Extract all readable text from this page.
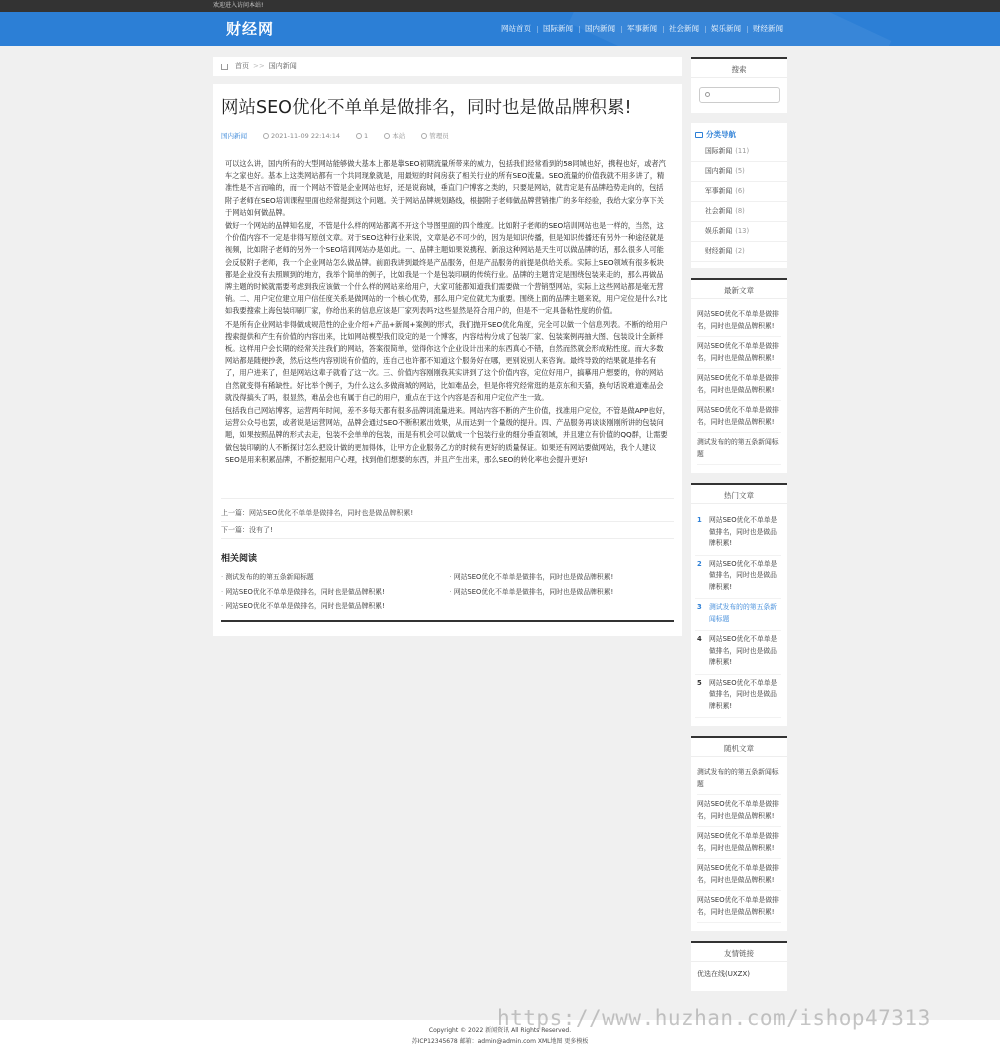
欢迎进入访问本站!
财经网	网站首页	国际新闻	国内新闻	军事新闻	社会新闻	娱乐新闻	财经新闻
首页 >> 国内新闻
网站SEO优化不单单是做排名，同时也是做品牌积累!
国内新闻	2021-11-09 22:14:14	1	本站	管理员

可以这么讲，国内所有的大型网站能够做大基本上都是靠SEO初期流量所带来的威力，包括我们经常看到的58同城也好，携程也好，或者汽车之家也好。基本上这类网站都有一个共同现象就是，用最短的时间房获了相关行业的所有SEO流量。SEO流量的价值我就不用多讲了，精准性是不言而喻的，而一个网站不管是企业网站也好，还是说商城，垂直门户博客之类的，只要是网站，就肯定是有品牌趋势走向的，包括附子老师在SEO培训课程里面也经常提到这个问题。关于网站品牌规划路线，根据附子老师做品牌营销推广的多年经验，我给大家分享下关于网站如何做品牌。

做好一个网站的品牌知名度，不管是什么样的网站都离不开这个导图里面的四个维度。比如附子老师的SEO培训网站也是一样的，当然，这个价值内容不一定是非得写原创文章。对于SEO这种行业来说，文章是必不可少的，因为是知识传播，但是知识传播还有另外一种途径就是视频，比如附子老师的另外一个SEO培训网站办是如此。一、品牌主题如果说携程、新浪这种网站是天生可以做品牌的话，那么很多人可能会反驳附子老师，我一个企业网站怎么做品牌。前面我讲到最终是产品服务，但是产品服务的前提是供给关系。实际上SEO领域有很多板块都是企业没有去照顾到的地方，我举个简单的例子，比如我是一个是包装印刷的传统行业。品牌的主题肯定是围绕包装来走的，那么再做品牌主题的时候就需要考虑到我应该做一个什么样的网站来给用户，大家可能都知道我们需要做一个营销型网站，实际上这些网站都是毫无营销。二、用户定位建立用户信任度关系是做网站的一个核心优势，那么用户定位就尤为重要。围绕上面的品牌主题来说，用户定位是什么?比如我要搜索上海包装印刷厂家，你给出来的信息应该是厂家列表吗?这些显然是符合用户的，但是不一定具备粘性度的价值。

不是所有企业网站非得做成规范性的企业介绍+产品+新闻+案例的形式，我们抛开SEO优化角度，完全可以做一个信息列表。不断的给用户搜索提供和产生有价值的内容出来，比如网站模型我们设定的是一个博客，内容结构分成了包装厂家、包装案例再抽大图、包装设计全新样板。这样用户会长期的经常关注我们的网站，答案很简单，觉得你这个企业设计出来的东西真心不错，自然而然就会形成粘性度。而大多数网站都是随便抄袭，然后这些内容别说有价值的，连自己也许都不知道这个服务好在哪，更别说别人来咨询。最终导致的结果就是排名有了，用户进来了，但是网站这辈子就看了这一次。三、价值内容刚刚我其实讲到了这个价值内容，定位好用户，搞摹用户想要的，你的网站自然就变得有稀缺性。好比举个例子，为什么这么多做商城的网站，比如难品会，但是你将究经常逛的是京东和天猫，换句话说难道难品会就没得搞头了吗，很显然，难品会也有属于自己的用户，重点在于这个内容是否和用户定位产生一致。

包括我自己网站博客，运营两年时间，差不多每天都有很多品牌词流量进来。网站内容不断的产生价值，找准用户定位，不管是做APP也好，运营公众号也罢，或者说是运营网站，品牌会通过SEO不断积累出效果，从而达到一个量级的提升。四、产品服务再谈谈刚刚所讲的包装问题，如果按照品牌的形式去走，包装不会单单的包装，而是有机会可以做成一个包装行业的细分垂直领域，并且建立有价值的QQ群，让需要做包装印刷的人不断探讨怎么把设计做的更加得体，让甲方企业服务乙方的时候有更好的质量保证。如果还有网站要做网站，我个人建议SEO是用来积累品牌，不断挖掘用户心理，找到他们想要的东西，并且产生出来，那么SEO的转化率也会提升更好!

上一篇：网站SEO优化不单单是做排名，同时也是做品牌积累!
下一篇：没有了!
相关阅读
· 测试发布的的第五条新闻标题	· 网站SEO优化不单单是做排名，同时也是做品牌积累!
· 网站SEO优化不单单是做排名，同时也是做品牌积累!	· 网站SEO优化不单单是做排名，同时也是做品牌积累!
· 网站SEO优化不单单是做排名，同时也是做品牌积累!
搜索
分类导航
国际新闻 (11)
国内新闻 (5)
军事新闻 (6)
社会新闻 (8)
娱乐新闻 (13)
财经新闻 (2)
最新文章
网站SEO优化不单单是做排名，同时也是做品牌积累!
网站SEO优化不单单是做排名，同时也是做品牌积累!
网站SEO优化不单单是做排名，同时也是做品牌积累!
网站SEO优化不单单是做排名，同时也是做品牌积累!
测试发布的的第五条新闻标题
热门文章
1 网站SEO优化不单单是做排名，同时也是做品牌积累!
2 网站SEO优化不单单是做排名，同时也是做品牌积累!
3 测试发布的的第五条新闻标题
4 网站SEO优化不单单是做排名，同时也是做品牌积累!
5 网站SEO优化不单单是做排名，同时也是做品牌积累!
随机文章
测试发布的的第五条新闻标题
网站SEO优化不单单是做排名，同时也是做品牌积累!
网站SEO优化不单单是做排名，同时也是做品牌积累!
网站SEO优化不单单是做排名，同时也是做品牌积累!
网站SEO优化不单单是做排名，同时也是做品牌积累!
友情链接
优选在线(UXZX)
Copyright © 2022 新闻资讯 All Rights Reserved.
苏ICP12345678 邮箱：admin@admin.com XML地图 更多模板
https://www.huzhan.com/ishop47313
